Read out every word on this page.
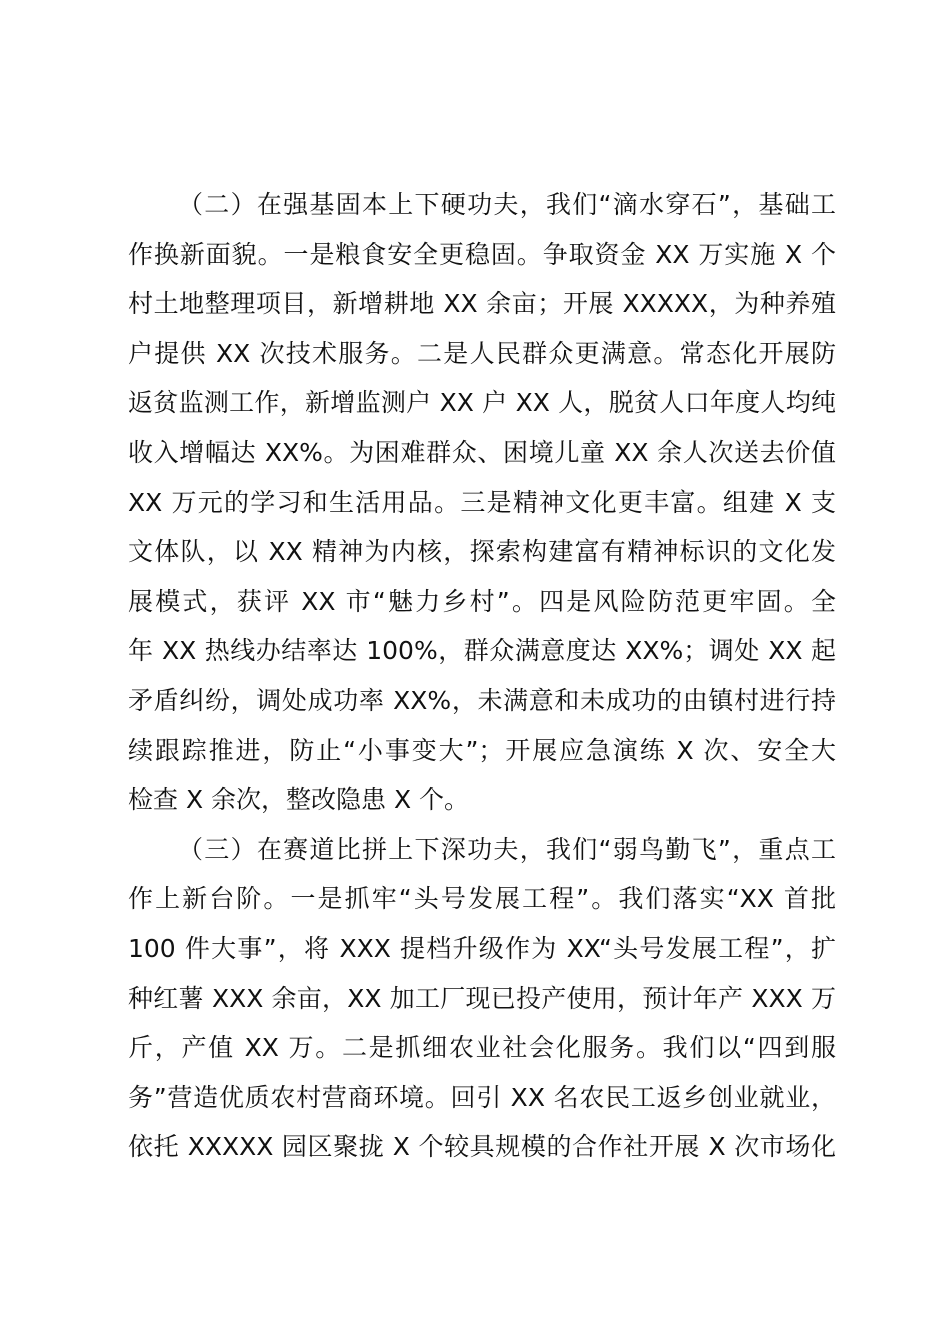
（二）在强基固本上下硬功夫，我们“滴水穿石”，基础工
作换新面貌。一是粮食安全更稳固。争取资金 XX 万实施 X 个
村土地整理项目，新增耕地 XX 余亩；开展 XXXXX，为种养殖
户提供 XX 次技术服务。二是人民群众更满意。常态化开展防
返贫监测工作，新增监测户 XX 户 XX 人，脱贫人口年度人均纯
收入增幅达 XX%。为困难群众、困境儿童 XX 余人次送去价值
XX 万元的学习和生活用品。三是精神文化更丰富。组建 X 支
文体队，以 XX 精神为内核，探索构建富有精神标识的文化发
展模式，获评 XX 市“魅力乡村”。四是风险防范更牢固。全
年 XX 热线办结率达 100%，群众满意度达 XX%；调处 XX 起
矛盾纠纷，调处成功率 XX%，未满意和未成功的由镇村进行持
续跟踪推进，防止“小事变大”；开展应急演练 X 次、安全大
检查 X 余次，整改隐患 X 个。
（三）在赛道比拼上下深功夫，我们“弱鸟勤飞”，重点工
作上新台阶。一是抓牢“头号发展工程”。我们落实“XX 首批
100 件大事”，将 XXX 提档升级作为 XX“头号发展工程”，扩
种红薯 XXX 余亩，XX 加工厂现已投产使用，预计年产 XXX 万
斤，产值 XX 万。二是抓细农业社会化服务。我们以“四到服
务”营造优质农村营商环境。回引 XX 名农民工返乡创业就业，
依托 XXXXX 园区聚拢 X 个较具规模的合作社开展 X 次市场化
